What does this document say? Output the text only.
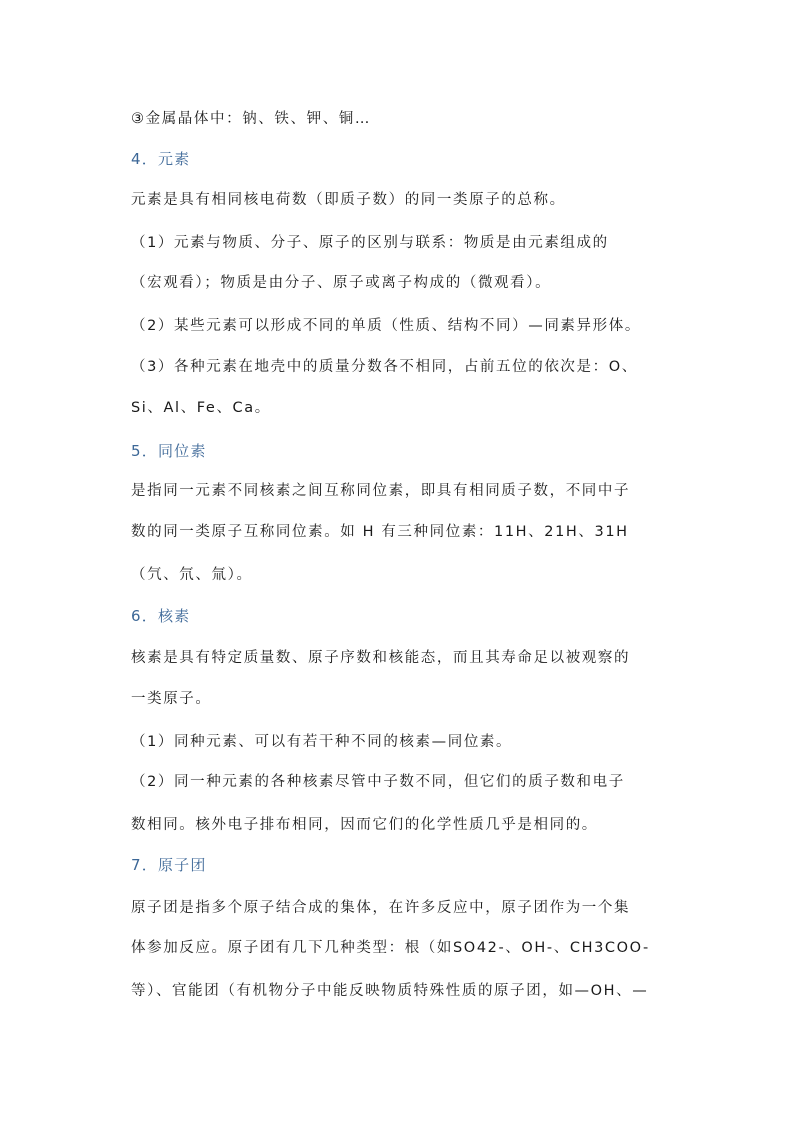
③金属晶体中：钠、铁、钾、铜…
4．元素
元素是具有相同核电荷数（即质子数）的同一类原子的总称。
（1）元素与物质、分子、原子的区别与联系：物质是由元素组成的
（宏观看）；物质是由分子、原子或离子构成的（微观看）。
（2）某些元素可以形成不同的单质（性质、结构不同）—同素异形体。
（3）各种元素在地壳中的质量分数各不相同，占前五位的依次是：O、
Si、Al、Fe、Ca。
5．同位素
是指同一元素不同核素之间互称同位素，即具有相同质子数，不同中子
数的同一类原子互称同位素。如 H 有三种同位素：11H、21H、31H
（氕、氘、氚）。
6．核素
核素是具有特定质量数、原子序数和核能态，而且其寿命足以被观察的
一类原子。
（1）同种元素、可以有若干种不同的核素—同位素。
（2）同一种元素的各种核素尽管中子数不同，但它们的质子数和电子
数相同。核外电子排布相同，因而它们的化学性质几乎是相同的。
7．原子团
原子团是指多个原子结合成的集体，在许多反应中，原子团作为一个集
体参加反应。原子团有几下几种类型：根（如SO42-、OH-、CH3COO-
等）、官能团（有机物分子中能反映物质特殊性质的原子团，如—OH、—
